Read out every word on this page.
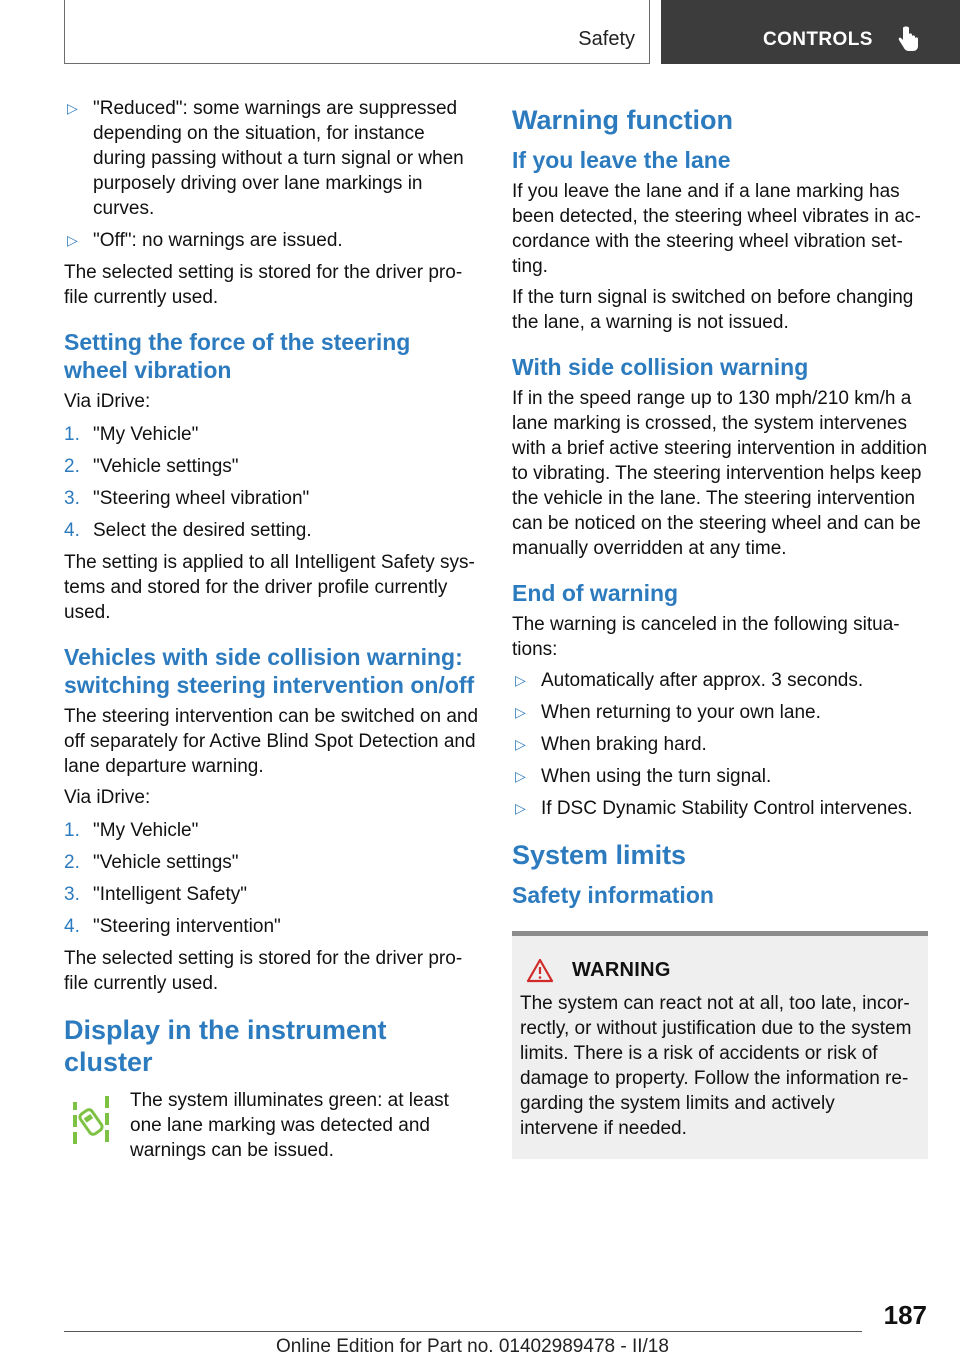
Safety	CONTROLS
▷ "Reduced": some warnings are suppressed depending on the situation, for instance during passing without a turn signal or when purposely driving over lane markings in curves.
▷ "Off": no warnings are issued.

The selected setting is stored for the driver profile currently used.

Setting the force of the steering wheel vibration

Via iDrive:

1. "My Vehicle"
2. "Vehicle settings"
3. "Steering wheel vibration"
4. Select the desired setting.

The setting is applied to all Intelligent Safety systems and stored for the driver profile currently used.

Vehicles with side collision warning: switching steering intervention on/off

The steering intervention can be switched on and off separately for Active Blind Spot Detection and lane departure warning.

Via iDrive:

1. "My Vehicle"
2. "Vehicle settings"
3. "Intelligent Safety"
4. "Steering intervention"

The selected setting is stored for the driver profile currently used.

Display in the instrument cluster

The system illuminates green: at least one lane marking was detected and warnings can be issued.

Warning function
If you leave the lane

If you leave the lane and if a lane marking has been detected, the steering wheel vibrates in accordance with the steering wheel vibration setting.

If the turn signal is switched on before changing the lane, a warning is not issued.

With side collision warning

If in the speed range up to 130 mph/210 km/h a lane marking is crossed, the system intervenes with a brief active steering intervention in addition to vibrating. The steering intervention helps keep the vehicle in the lane. The steering intervention can be noticed on the steering wheel and can be manually overridden at any time.

End of warning

The warning is canceled in the following situations:

▷ Automatically after approx. 3 seconds.
▷ When returning to your own lane.
▷ When braking hard.
▷ When using the turn signal.
▷ If DSC Dynamic Stability Control intervenes.
System limits
Safety information
WARNING

The system can react not at all, too late, incorrectly, or without justification due to the system limits. There is a risk of accidents or risk of damage to property. Follow the information regarding the system limits and actively intervene if needed.

187
Online Edition for Part no. 01402989478 - II/18
